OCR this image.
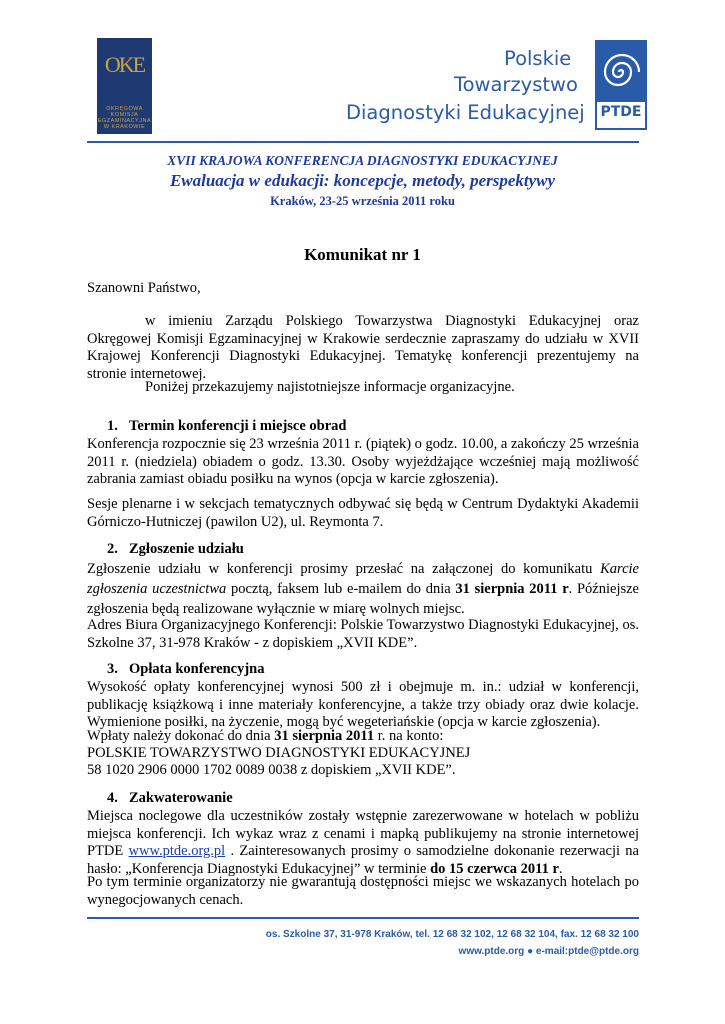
OKE
OKRĘGOWA
KOMISJA
EGZAMINACYJNA
W KRAKOWIE
Polskie
Towarzystwo
Diagnostyki Edukacyjnej PTDE
XVII KRAJOWA KONFERENCJA DIAGNOSTYKI EDUKACYJNEJ
Ewaluacja w edukacji: koncepcje, metody, perspektywy
Kraków, 23-25 września 2011 roku
Komunikat nr 1
Szanowni Państwo,
w imieniu Zarządu Polskiego Towarzystwa Diagnostyki Edukacyjnej oraz Okręgowej Komisji Egzaminacyjnej w Krakowie serdecznie zapraszamy do udziału w XVII Krajowej Konferencji Diagnostyki Edukacyjnej. Tematykę konferencji prezentujemy na stronie internetowej.
Poniżej przekazujemy najistotniejsze informacje organizacyjne.
1. Termin konferencji i miejsce obrad
Konferencja rozpocznie się 23 września 2011 r. (piątek) o godz. 10.00, a zakończy 25 września 2011 r. (niedziela) obiadem o godz. 13.30. Osoby wyjeżdżające wcześniej mają możliwość zabrania zamiast obiadu posiłku na wynos (opcja w karcie zgłoszenia).
Sesje plenarne i w sekcjach tematycznych odbywać się będą w Centrum Dydaktyki Akademii Górniczo-Hutniczej (pawilon U2), ul. Reymonta 7.
2. Zgłoszenie udziału
Zgłoszenie udziału w konferencji prosimy przesłać na załączonej do komunikatu Karcie zgłoszenia uczestnictwa pocztą, faksem lub e-mailem do dnia 31 sierpnia 2011 r. Późniejsze zgłoszenia będą realizowane wyłącznie w miarę wolnych miejsc.
Adres Biura Organizacyjnego Konferencji: Polskie Towarzystwo Diagnostyki Edukacyjnej, os. Szkolne 37, 31-978 Kraków - z dopiskiem „XVII KDE”.
3. Opłata konferencyjna
Wysokość opłaty konferencyjnej wynosi 500 zł i obejmuje m. in.: udział w konferencji, publikację książkową i inne materiały konferencyjne, a także trzy obiady oraz dwie kolacje. Wymienione posiłki, na życzenie, mogą być wegeteriańskie (opcja w karcie zgłoszenia).
Wpłaty należy dokonać do dnia 31 sierpnia 2011 r. na konto:
POLSKIE TOWARZYSTWO DIAGNOSTYKI EDUKACYJNEJ
58 1020 2906 0000 1702 0089 0038 z dopiskiem „XVII KDE”.
4. Zakwaterowanie
Miejsca noclegowe dla uczestników zostały wstępnie zarezerwowane w hotelach w pobliżu miejsca konferencji. Ich wykaz wraz z cenami i mapką publikujemy na stronie internetowej PTDE www.ptde.org.pl . Zainteresowanych prosimy o samodzielne dokonanie rezerwacji na hasło: „Konferencja Diagnostyki Edukacyjnej” w terminie do 15 czerwca 2011 r.
Po tym terminie organizatorzy nie gwarantują dostępności miejsc we wskazanych hotelach po wynegocjowanych cenach.
os. Szkolne 37, 31-978 Kraków, tel. 12 68 32 102, 12 68 32 104, fax. 12 68 32 100
www.ptde.org ● e-mail:ptde@ptde.org
